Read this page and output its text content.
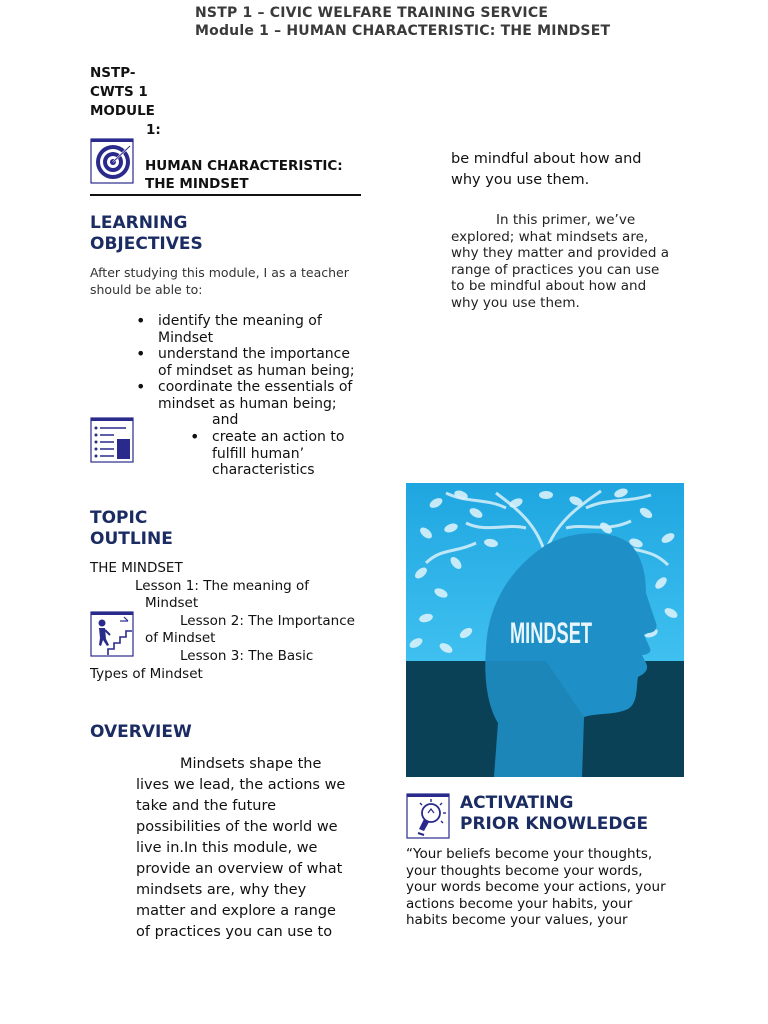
NSTP 1 – CIVIC WELFARE TRAINING SERVICE
Module 1 – HUMAN CHARACTERISTIC: THE MINDSET
NSTP-
CWTS 1
MODULE
1:
HUMAN CHARACTERISTIC:
THE MINDSET
LEARNING
OBJECTIVES
After studying this module, I as a teacher
should be able to:
• identify the meaning of
Mindset
• understand the importance
of mindset as human being;
• coordinate the essentials of
mindset as human being;
and
• create an action to
fulfill human’
characteristics
TOPIC
OUTLINE
THE MINDSET
Lesson 1: The meaning of
Mindset
Lesson 2: The Importance
of Mindset
Lesson 3: The Basic
Types of Mindset
OVERVIEW
Mindsets shape the
lives we lead, the actions we
take and the future
possibilities of the world we
live in.In this module, we
provide an overview of what
mindsets are, why they
matter and explore a range
of practices you can use to
be mindful about how and
why you use them.
In this primer, we’ve
explored; what mindsets are,
why they matter and provided a
range of practices you can use
to be mindful about how and
why you use them.
MINDSET
ACTIVATING
PRIOR KNOWLEDGE
“Your beliefs become your thoughts,
your thoughts become your words,
your words become your actions, your
actions become your habits, your
habits become your values, your
